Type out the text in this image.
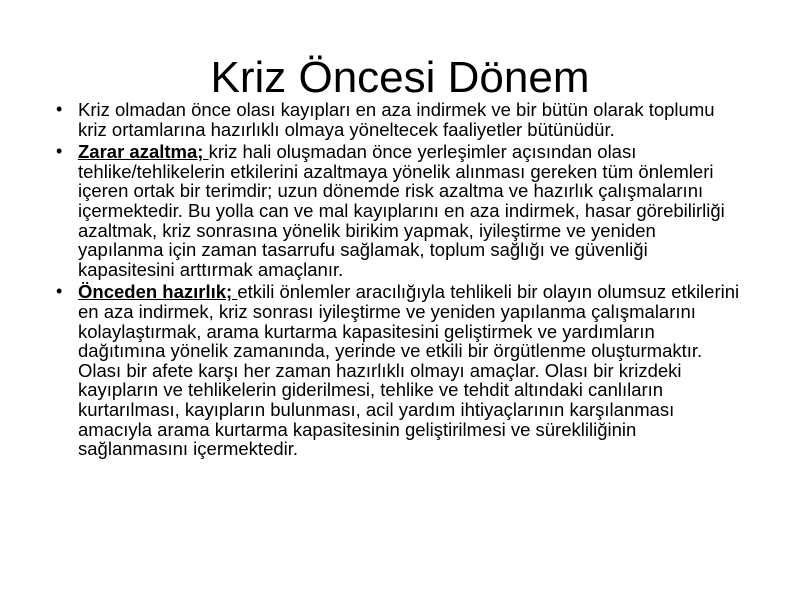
Kriz Öncesi Dönem
• Kriz olmadan önce olası kayıpları en aza indirmek ve bir bütün olarak toplumu kriz ortamlarına hazırlıklı olmaya yöneltecek faaliyetler bütünüdür.
• Zarar azaltma; kriz hali oluşmadan önce yerleşimler açısından olası tehlike/tehlikelerin etkilerini azaltmaya yönelik alınması gereken tüm önlemleri içeren ortak bir terimdir; uzun dönemde risk azaltma ve hazırlık çalışmalarını içermektedir. Bu yolla can ve mal kayıplarını en aza indirmek, hasar görebilirliği azaltmak, kriz sonrasına yönelik birikim yapmak, iyileştirme ve yeniden yapılanma için zaman tasarrufu sağlamak, toplum sağlığı ve güvenliği kapasitesini arttırmak amaçlanır.
• Önceden hazırlık; etkili önlemler aracılığıyla tehlikeli bir olayın olumsuz etkilerini en aza indirmek, kriz sonrası iyileştirme ve yeniden yapılanma çalışmalarını kolaylaştırmak, arama kurtarma kapasitesini geliştirmek ve yardımların dağıtımına yönelik zamanında, yerinde ve etkili bir örgütlenme oluşturmaktır. Olası bir afete karşı her zaman hazırlıklı olmayı amaçlar. Olası bir krizdeki kayıpların ve tehlikelerin giderilmesi, tehlike ve tehdit altındaki canlıların kurtarılması, kayıpların bulunması, acil yardım ihtiyaçlarının karşılanması amacıyla arama kurtarma kapasitesinin geliştirilmesi ve sürekliliğinin sağlanmasını içermektedir.
